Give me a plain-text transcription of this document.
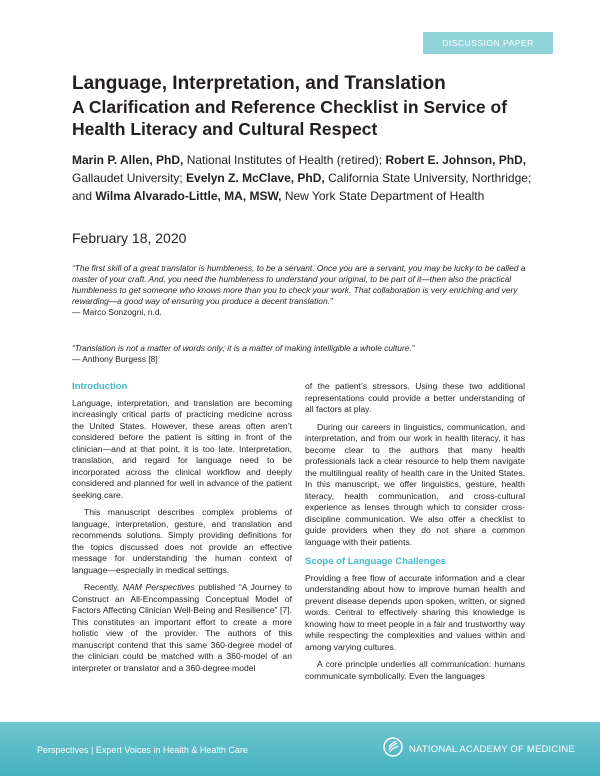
DISCUSSION PAPER
Language, Interpretation, and Translation
A Clarification and Reference Checklist in Service of Health Literacy and Cultural Respect
Marin P. Allen, PhD, National Institutes of Health (retired); Robert E. Johnson, PhD, Gallaudet University; Evelyn Z. McClave, PhD, California State University, Northridge; and Wilma Alvarado-Little, MA, MSW, New York State Department of Health
February 18, 2020
“The first skill of a great translator is humbleness, to be a servant. Once you are a servant, you may be lucky to be called a master of your craft. And, you need the humbleness to understand your original, to be part of it—then also the practical humbleness to get someone who knows more than you to check your work. That collaboration is very enriching and very rewarding—a good way of ensuring you produce a decent translation.”
— Marco Sonzogni, n.d.
“Translation is not a matter of words only; it is a matter of making intelligible a whole culture.”
— Anthony Burgess [8]
Introduction

Language, interpretation, and translation are becoming increasingly critical parts of practicing medicine across the United States. However, these areas often aren’t considered before the patient is sitting in front of the clinician—and at that point, it is too late. Interpretation, translation, and regard for language need to be incorporated across the clinical workflow and deeply considered and planned for well in advance of the patient seeking care.

This manuscript describes complex problems of language, interpretation, gesture, and translation and recommends solutions. Simply providing definitions for the topics discussed does not provide an effective message for understanding the human context of language—especially in medical settings.

Recently, NAM Perspectives published “A Journey to Construct an All-Encompassing Conceptual Model of Factors Affecting Clinician Well-Being and Resilience” [7]. This constitutes an important effort to create a more holistic view of the provider. The authors of this manuscript contend that this same 360-degree model of the clinician could be matched with a 360-model of an interpreter or translator and a 360-degree model

of the patient’s stressors. Using these two additional representations could provide a better understanding of all factors at play.

During our careers in linguistics, communication, and interpretation, and from our work in health literacy, it has become clear to the authors that many health professionals lack a clear resource to help them navigate the multilingual reality of health care in the United States. In this manuscript, we offer linguistics, gesture, health literacy, health communication, and cross-cultural experience as lenses through which to consider cross-discipline communication. We also offer a checklist to guide providers when they do not share a common language with their patients.

Scope of Language Challenges

Providing a free flow of accurate information and a clear understanding about how to improve human health and prevent disease depends upon spoken, written, or signed words. Central to effectively sharing this knowledge is knowing how to meet people in a fair and trustworthy way while respecting the complexities and values within and among varying cultures.

A core principle underlies all communication: humans communicate symbolically. Even the languages

Perspectives | Expert Voices in Health & Health Care	NATIONAL ACADEMY OF MEDICINE
